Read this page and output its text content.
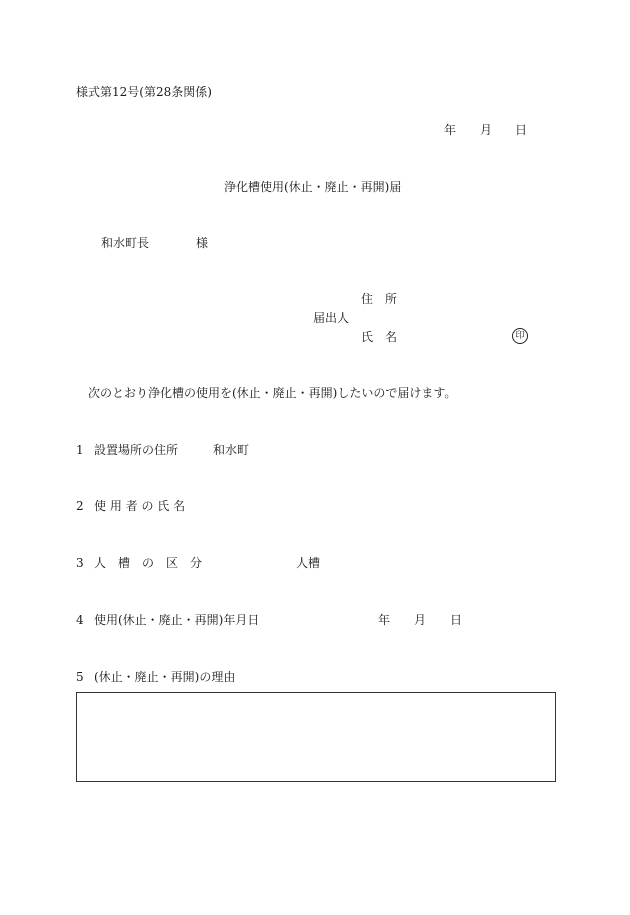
様式第12号(第28条関係)
年 月 日
浄化槽使用(休止・廃止・再開)届
和水町長	様
住　所
届出人
氏　名	印
次のとおり浄化槽の使用を(休止・廃止・再開)したいので届けます。
1 設置場所の住所	和水町
2 使 用 者 の 氏 名
3 人　槽　の　区　分	人槽
4 使用(休止・廃止・再開)年月日	年 月 日
5 (休止・廃止・再開)の理由
